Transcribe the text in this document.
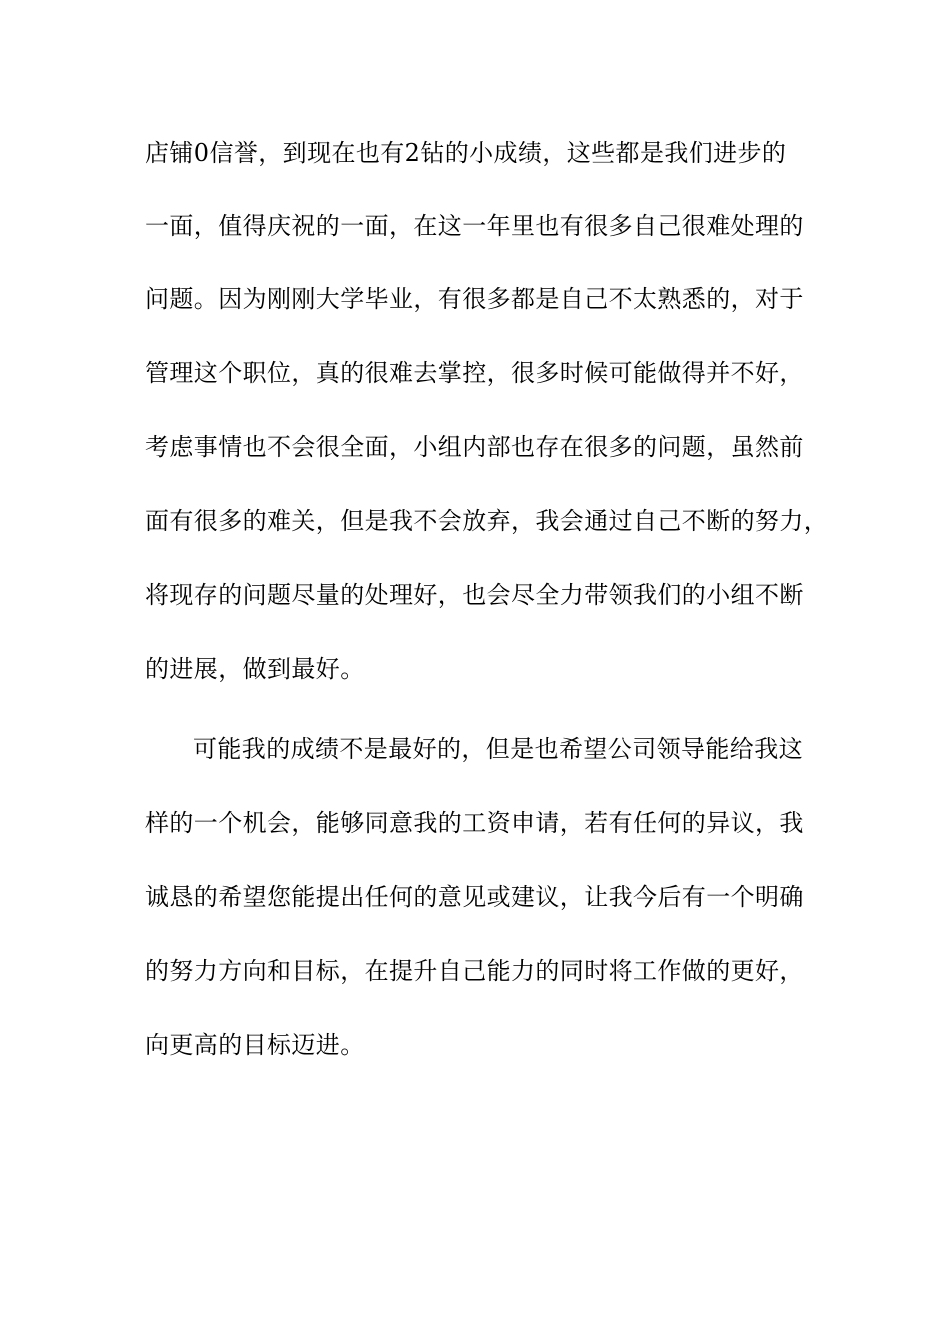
店铺0信誉，到现在也有2钻的小成绩，这些都是我们进步的
一面，值得庆祝的一面，在这一年里也有很多自己很难处理的
问题。因为刚刚大学毕业，有很多都是自己不太熟悉的，对于
管理这个职位，真的很难去掌控，很多时候可能做得并不好，
考虑事情也不会很全面，小组内部也存在很多的问题，虽然前
面有很多的难关，但是我不会放弃，我会通过自己不断的努力，
将现存的问题尽量的处理好，也会尽全力带领我们的小组不断
的进展，做到最好。
可能我的成绩不是最好的，但是也希望公司领导能给我这
样的一个机会，能够同意我的工资申请，若有任何的异议，我
诚恳的希望您能提出任何的意见或建议，让我今后有一个明确
的努力方向和目标，在提升自己能力的同时将工作做的更好，
向更高的目标迈进。
